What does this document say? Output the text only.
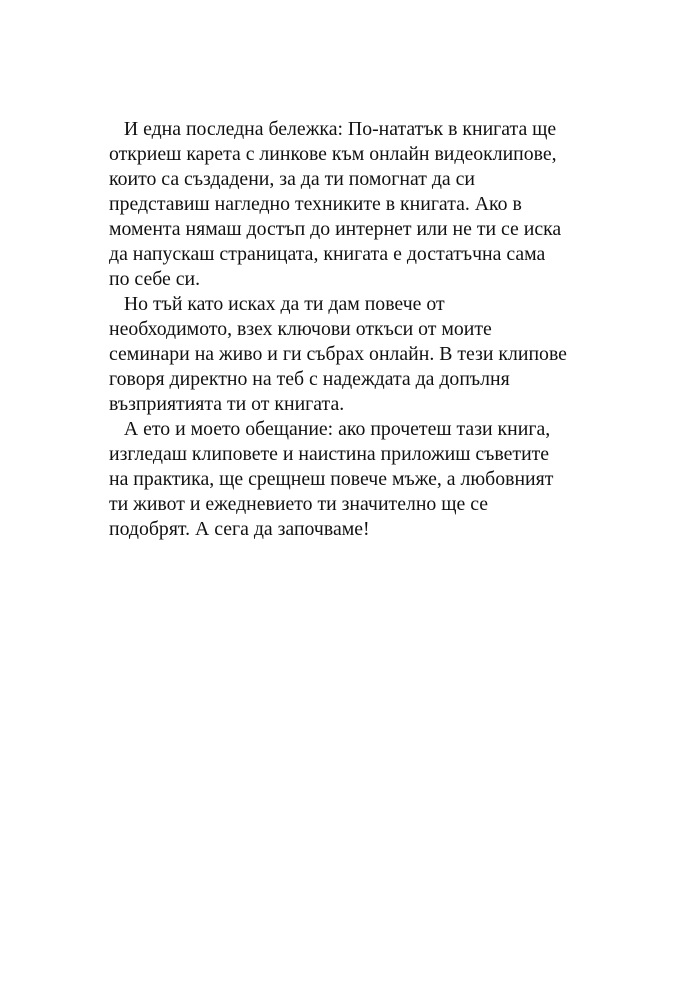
И една последна бележка: По-нататък в книгата ще
откриеш карета с линкове към онлайн видеоклипове,
които са създадени, за да ти помогнат да си
представиш нагледно техниките в книгата. Ако в
момента нямаш достъп до интернет или не ти се иска
да напускаш страницата, книгата е достатъчна сама
по себе си.
Но тъй като исках да ти дам повече от
необходимото, взех ключови откъси от моите
семинари на живо и ги събрах онлайн. В тези клипове
говоря директно на теб с надеждата да допълня
възприятията ти от книгата.
А ето и моето обещание: ако прочетеш тази книга,
изгледаш клиповете и наистина приложиш съветите
на практика, ще срещнеш повече мъже, а любовният
ти живот и ежедневието ти значително ще се
подобрят. А сега да започваме!
